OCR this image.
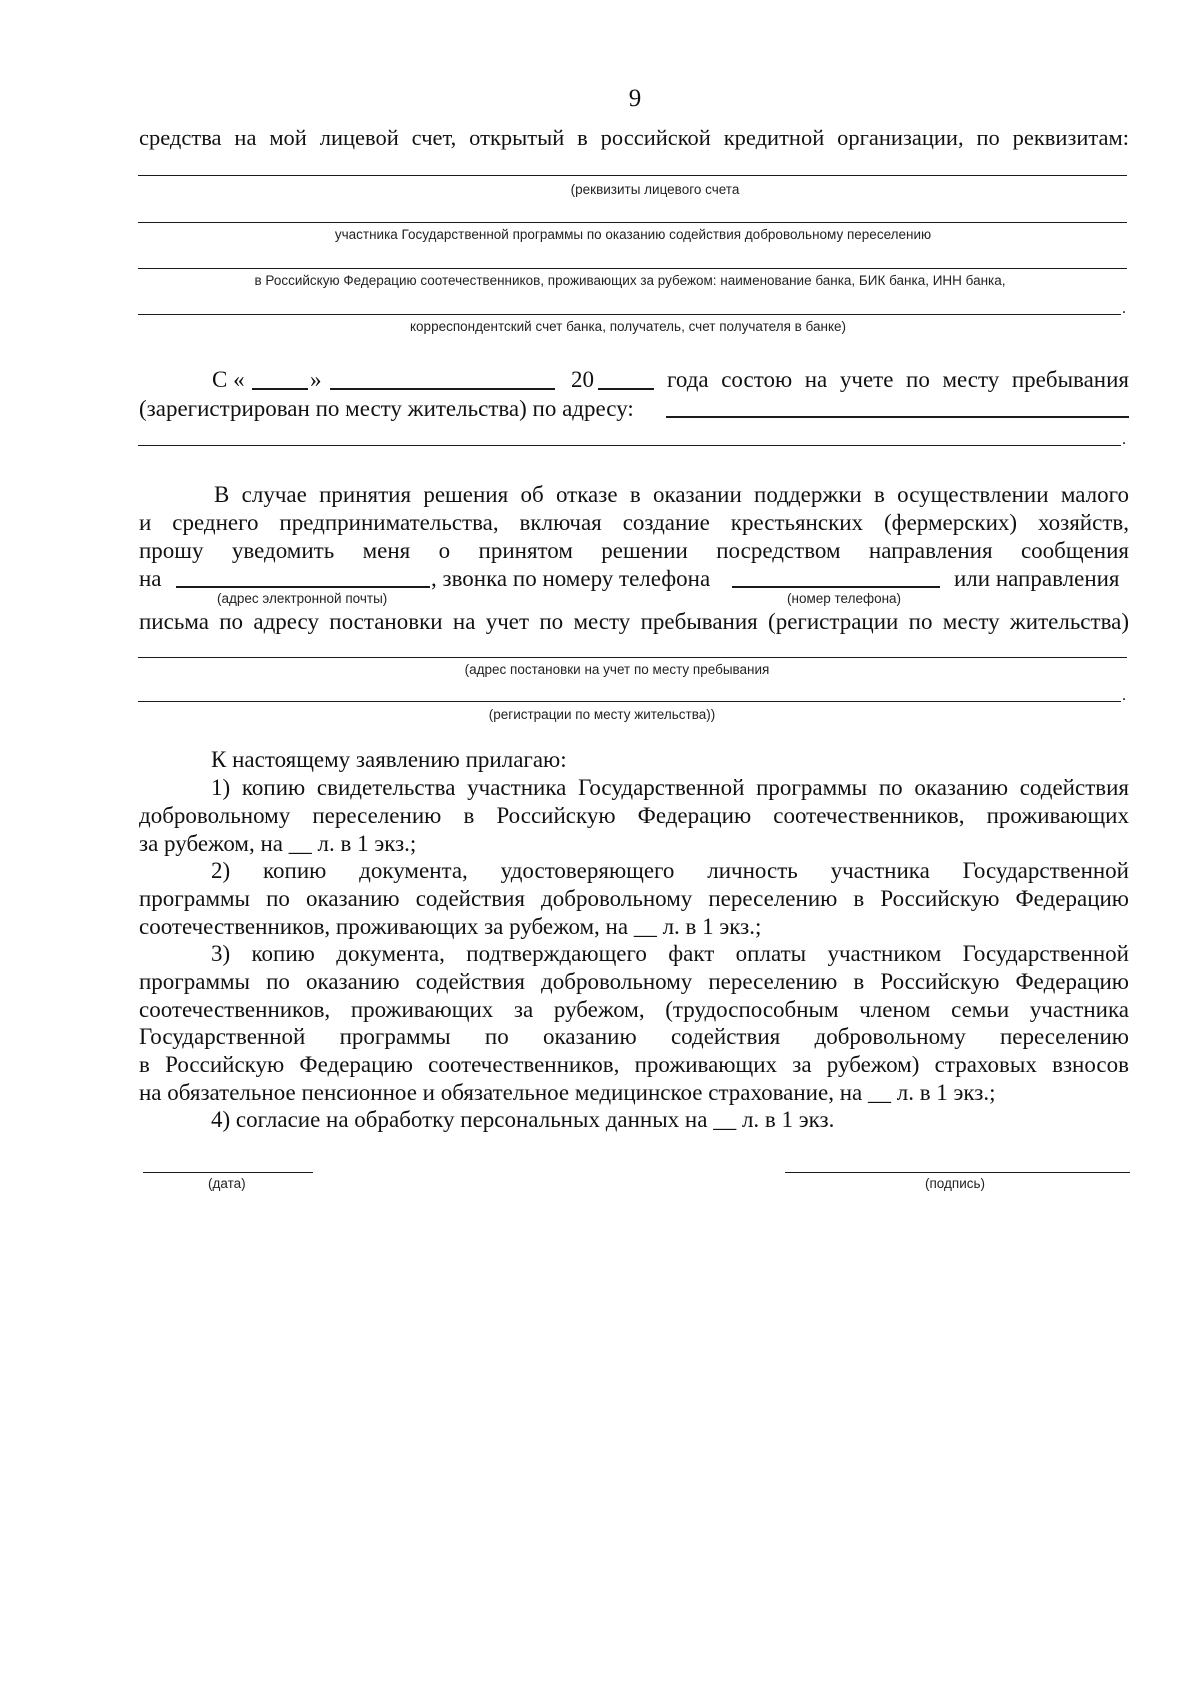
9
средства на мой лицевой счет, открытый в российской кредитной организации, по реквизитам:
(реквизиты лицевого счета
участника Государственной программы по оказанию содействия добровольному переселению
в Российскую Федерацию соотечественников, проживающих за рубежом: наименование банка, БИК банка, ИНН банка,
.
корреспондентский счет банка, получатель, счет получателя в банке)
С «	»	20	года состою на учете по месту пребывания
(зарегистрирован по месту жительства) по адресу:
.
В случае принятия решения об отказе в оказании поддержки в осуществлении малого
и среднего предпринимательства, включая создание крестьянских (фермерских) хозяйств,
прошу уведомить меня о принятом решении посредством направления сообщения
на	, звонка по номеру телефона	или направления
(адрес электронной почты)	(номер телефона)
письма по адресу постановки на учет по месту пребывания (регистрации по месту жительства)
(адрес постановки на учет по месту пребывания
.
(регистрации по месту жительства))
К настоящему заявлению прилагаю:
1) копию свидетельства участника Государственной программы по оказанию содействия
добровольному переселению в Российскую Федерацию соотечественников, проживающих
за рубежом, на __ л. в 1 экз.;
2) копию документа, удостоверяющего личность участника Государственной
программы по оказанию содействия добровольному переселению в Российскую Федерацию
соотечественников, проживающих за рубежом, на __ л. в 1 экз.;
3) копию документа, подтверждающего факт оплаты участником Государственной
программы по оказанию содействия добровольному переселению в Российскую Федерацию
соотечественников, проживающих за рубежом, (трудоспособным членом семьи участника
Государственной программы по оказанию содействия добровольному переселению
в Российскую Федерацию соотечественников, проживающих за рубежом) страховых взносов
на обязательное пенсионное и обязательное медицинское страхование, на __ л. в 1 экз.;
4) согласие на обработку персональных данных на __ л. в 1 экз.
(дата)	(подпись)
